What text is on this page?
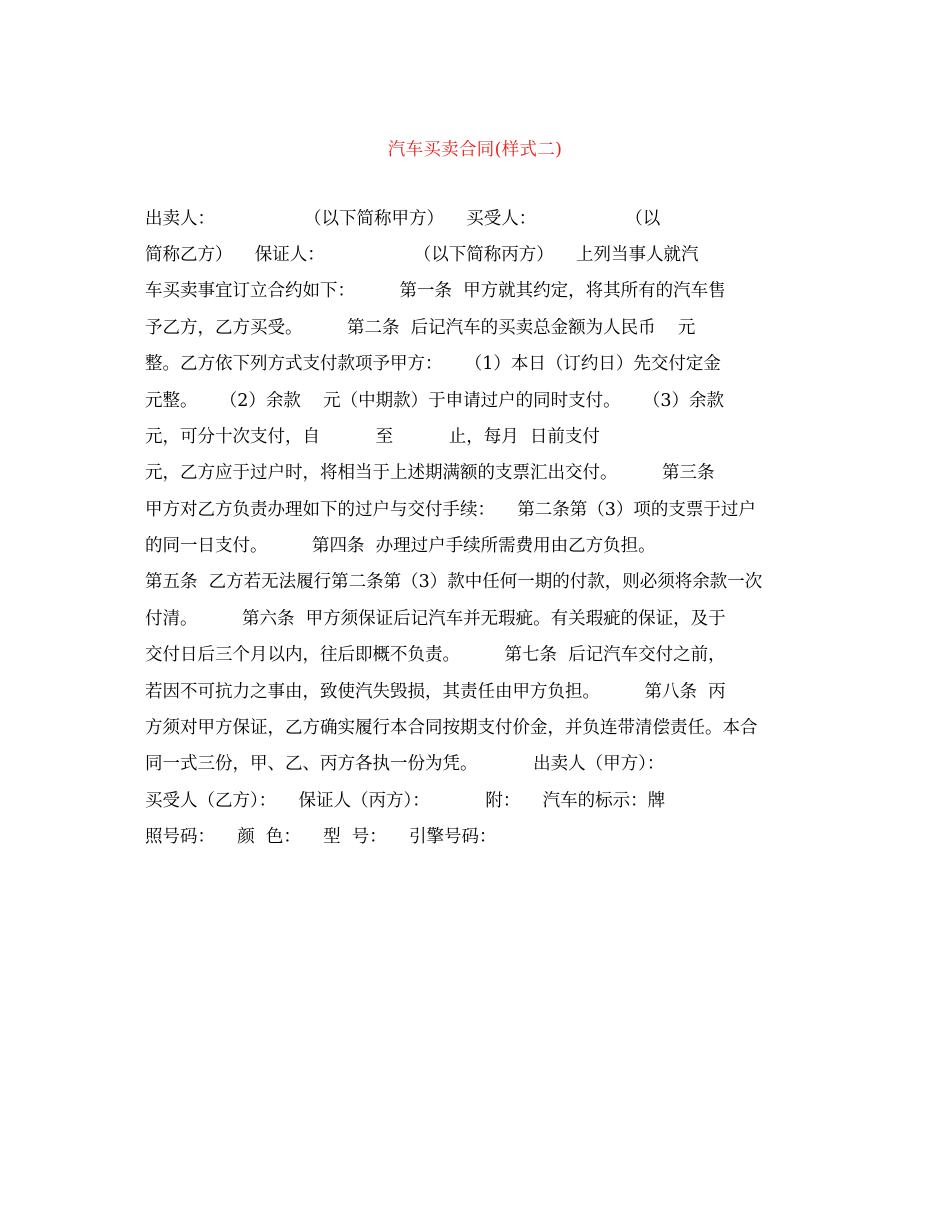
汽车买卖合同(样式二)
出卖人：                （以下简称甲方）    买受人：                （以
简称乙方）    保证人：                （以下简称丙方）    上列当事人就汽
车买卖事宜订立合约如下：        第一条  甲方就其约定，将其所有的汽车售
予乙方，乙方买受。        第二条  后记汽车的买卖总金额为人民币    元
整。乙方依下列方式支付款项予甲方：    （1）本日（订约日）先交付定金
元整。    （2）余款    元（中期款）于申请过户的同时支付。    （3）余款
元，可分十次支付，自          至          止，每月  日前支付
元，乙方应于过户时，将相当于上述期满额的支票汇出交付。        第三条
甲方对乙方负责办理如下的过户与交付手续：    第二条第（3）项的支票于过户
的同一日支付。        第四条  办理过户手续所需费用由乙方负担。
第五条  乙方若无法履行第二条第（3）款中任何一期的付款，则必须将余款一次
付清。        第六条  甲方须保证后记汽车并无瑕疵。有关瑕疵的保证，及于
交付日后三个月以内，往后即概不负责。        第七条  后记汽车交付之前，
若因不可抗力之事由，致使汽失毁损，其责任由甲方负担。        第八条  丙
方须对甲方保证，乙方确实履行本合同按期支付价金，并负连带清偿责任。本合
同一式三份，甲、乙、丙方各执一份为凭。          出卖人（甲方）：
买受人（乙方）：    保证人（丙方）：          附：    汽车的标示：牌
照号码：    颜  色：    型  号：    引擎号码：
